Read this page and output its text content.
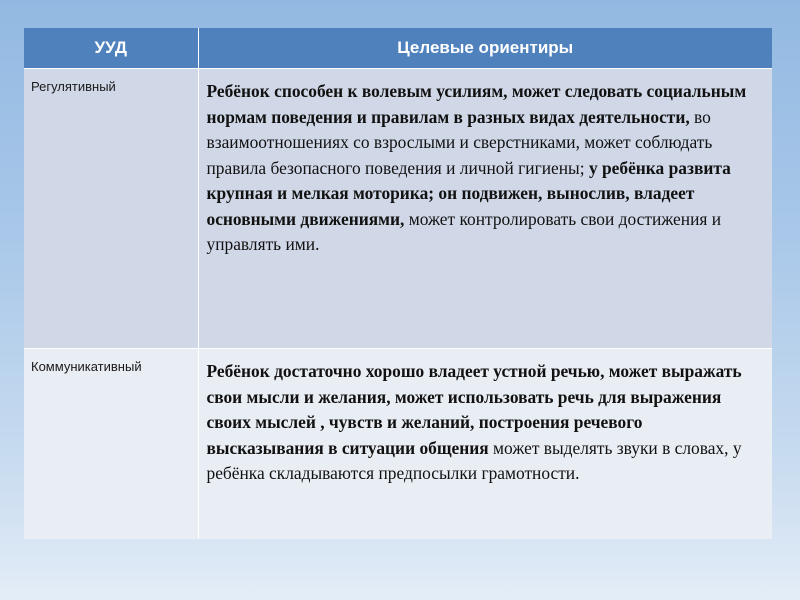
УУД	Целевые ориентиры
Регулятивный	Ребёнок способен к волевым усилиям, может следовать социальным нормам поведения и правилам в разных видах деятельности, во взаимоотношениях со взрослыми и сверстниками, может соблюдать правила безопасного поведения и личной гигиены; у ребёнка развита крупная и мелкая моторика; он подвижен, вынослив, владеет основными движениями, может контролировать свои достижения и управлять ими.
Коммуникативный	Ребёнок достаточно хорошо владеет устной речью, может выражать свои мысли и желания, может использовать речь для выражения своих мыслей , чувств и желаний, построения речевого высказывания в ситуации общения может выделять звуки в словах, у ребёнка складываются предпосылки грамотности.
